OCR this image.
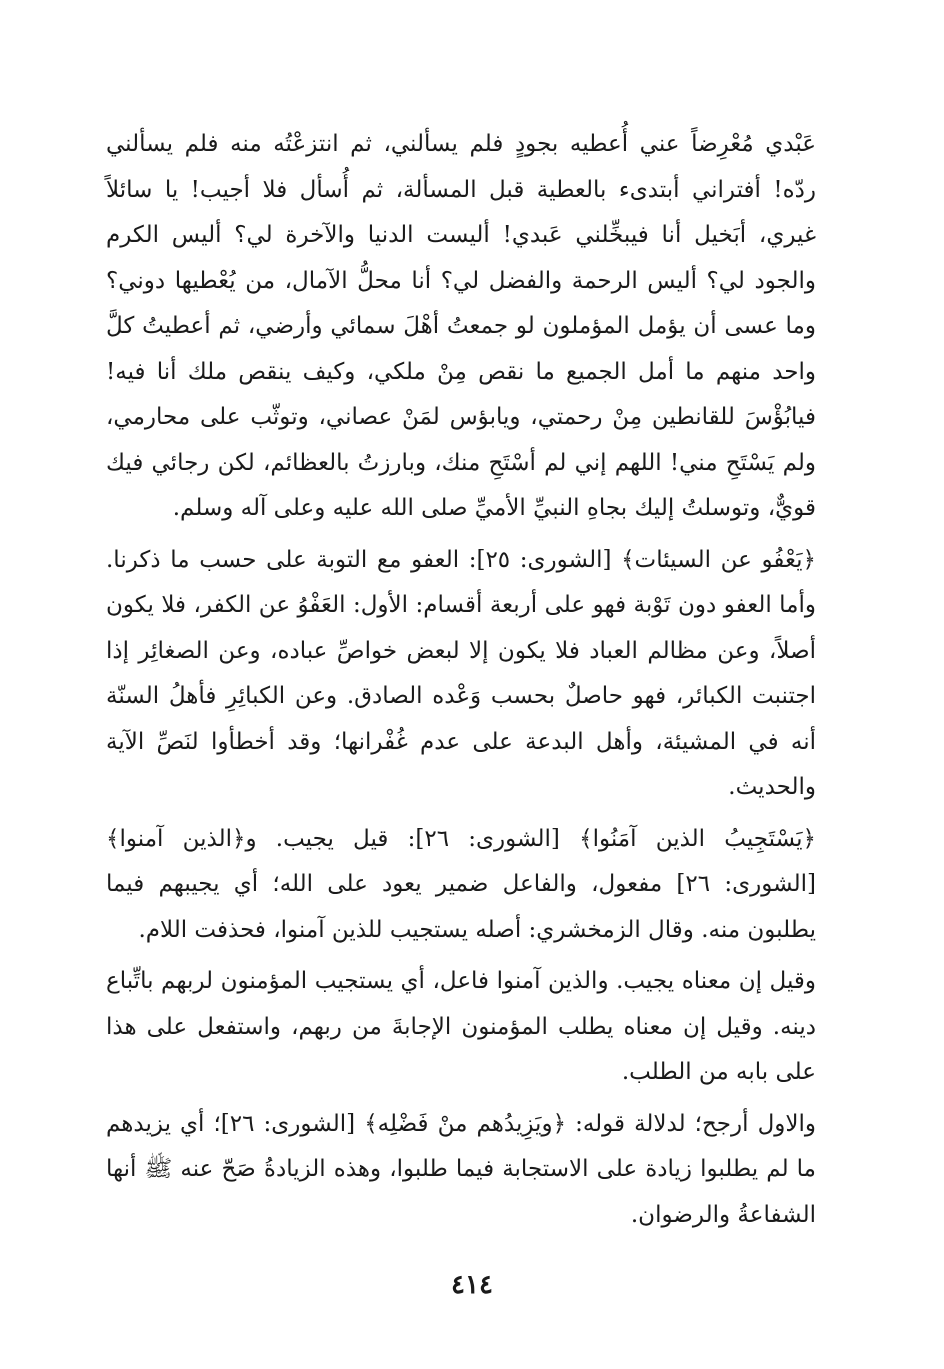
عَبْدي مُعْرِضاً عني أُعطيه بجودٍ فلم يسألني، ثم انتزعْتُه منه فلم يسألني ردّه! أفتراني أبتدىء بالعطية قبل المسألة، ثم أُسأل فلا أجيب! يا سائلاً غيري، أبَخيل أنا فيبخِّلني عَبدي! أليست الدنيا والآخرة لي؟ أليس الكرم والجود لي؟ أليس الرحمة والفضل لي؟ أنا محلُّ الآمال، من يُعْطيها دوني؟ وما عسى أن يؤمل المؤملون لو جمعتُ أهْلَ سمائي وأرضي، ثم أعطيتُ كلَّ واحد منهم ما أمل الجميع ما نقص مِنْ ملكي، وكيف ينقص ملك أنا فيه! فيابُؤْسَ للقانطين مِنْ رحمتي، ويابؤس لمَنْ عصاني، وتوثّب على محارمي، ولم يَسْتَحِ مني! اللهم إني لم أسْتَحِ منك، وبارزتُ بالعظائم، لكن رجائي فيك قويٌّ، وتوسلتُ إليك بجاهِ النبيِّ الأميِّ صلى الله عليه وعلى آله وسلم.

﴿يَعْفُو عن السيئات﴾ [الشورى: ٢٥]: العفو مع التوبة على حسب ما ذكرنا. وأما العفو دون تَوْبة فهو على أربعة أقسام: الأول: العَفْوُ عن الكفر، فلا يكون أصلاً، وعن مظالم العباد فلا يكون إلا لبعض خواصِّ عباده، وعن الصغائِر إذا اجتنبت الكبائر، فهو حاصلٌ بحسب وَعْده الصادق. وعن الكبائِرِ فأهلُ السنّة أنه في المشيئة، وأهل البدعة على عدم غُفْرانها؛ وقد أخطأوا لنَصِّ الآية والحديث.

﴿يَسْتَجِيبُ الذين آمَنُوا﴾ [الشورى: ٢٦]: قيل يجيب. و﴿الذين آمنوا﴾ [الشورى: ٢٦] مفعول، والفاعل ضمير يعود على الله؛ أي يجيبهم فيما يطلبون منه. وقال الزمخشري: أصله يستجيب للذين آمنوا، فحذفت اللام.

وقيل إن معناه يجيب. والذين آمنوا فاعل، أي يستجيب المؤمنون لربهم باتِّباع دينه. وقيل إن معناه يطلب المؤمنون الإجابةَ من ربهم، واستفعل على هذا على بابه من الطلب.

والاول أرجح؛ لدلالة قوله: ﴿ويَزِيدُهم منْ فَضْلِه﴾ [الشورى: ٢٦]؛ أي يزيدهم ما لم يطلبوا زيادة على الاستجابة فيما طلبوا، وهذه الزيادةُ صَحّ عنه ﷺ أنها الشفاعةُ والرضوان.

٤١٤
